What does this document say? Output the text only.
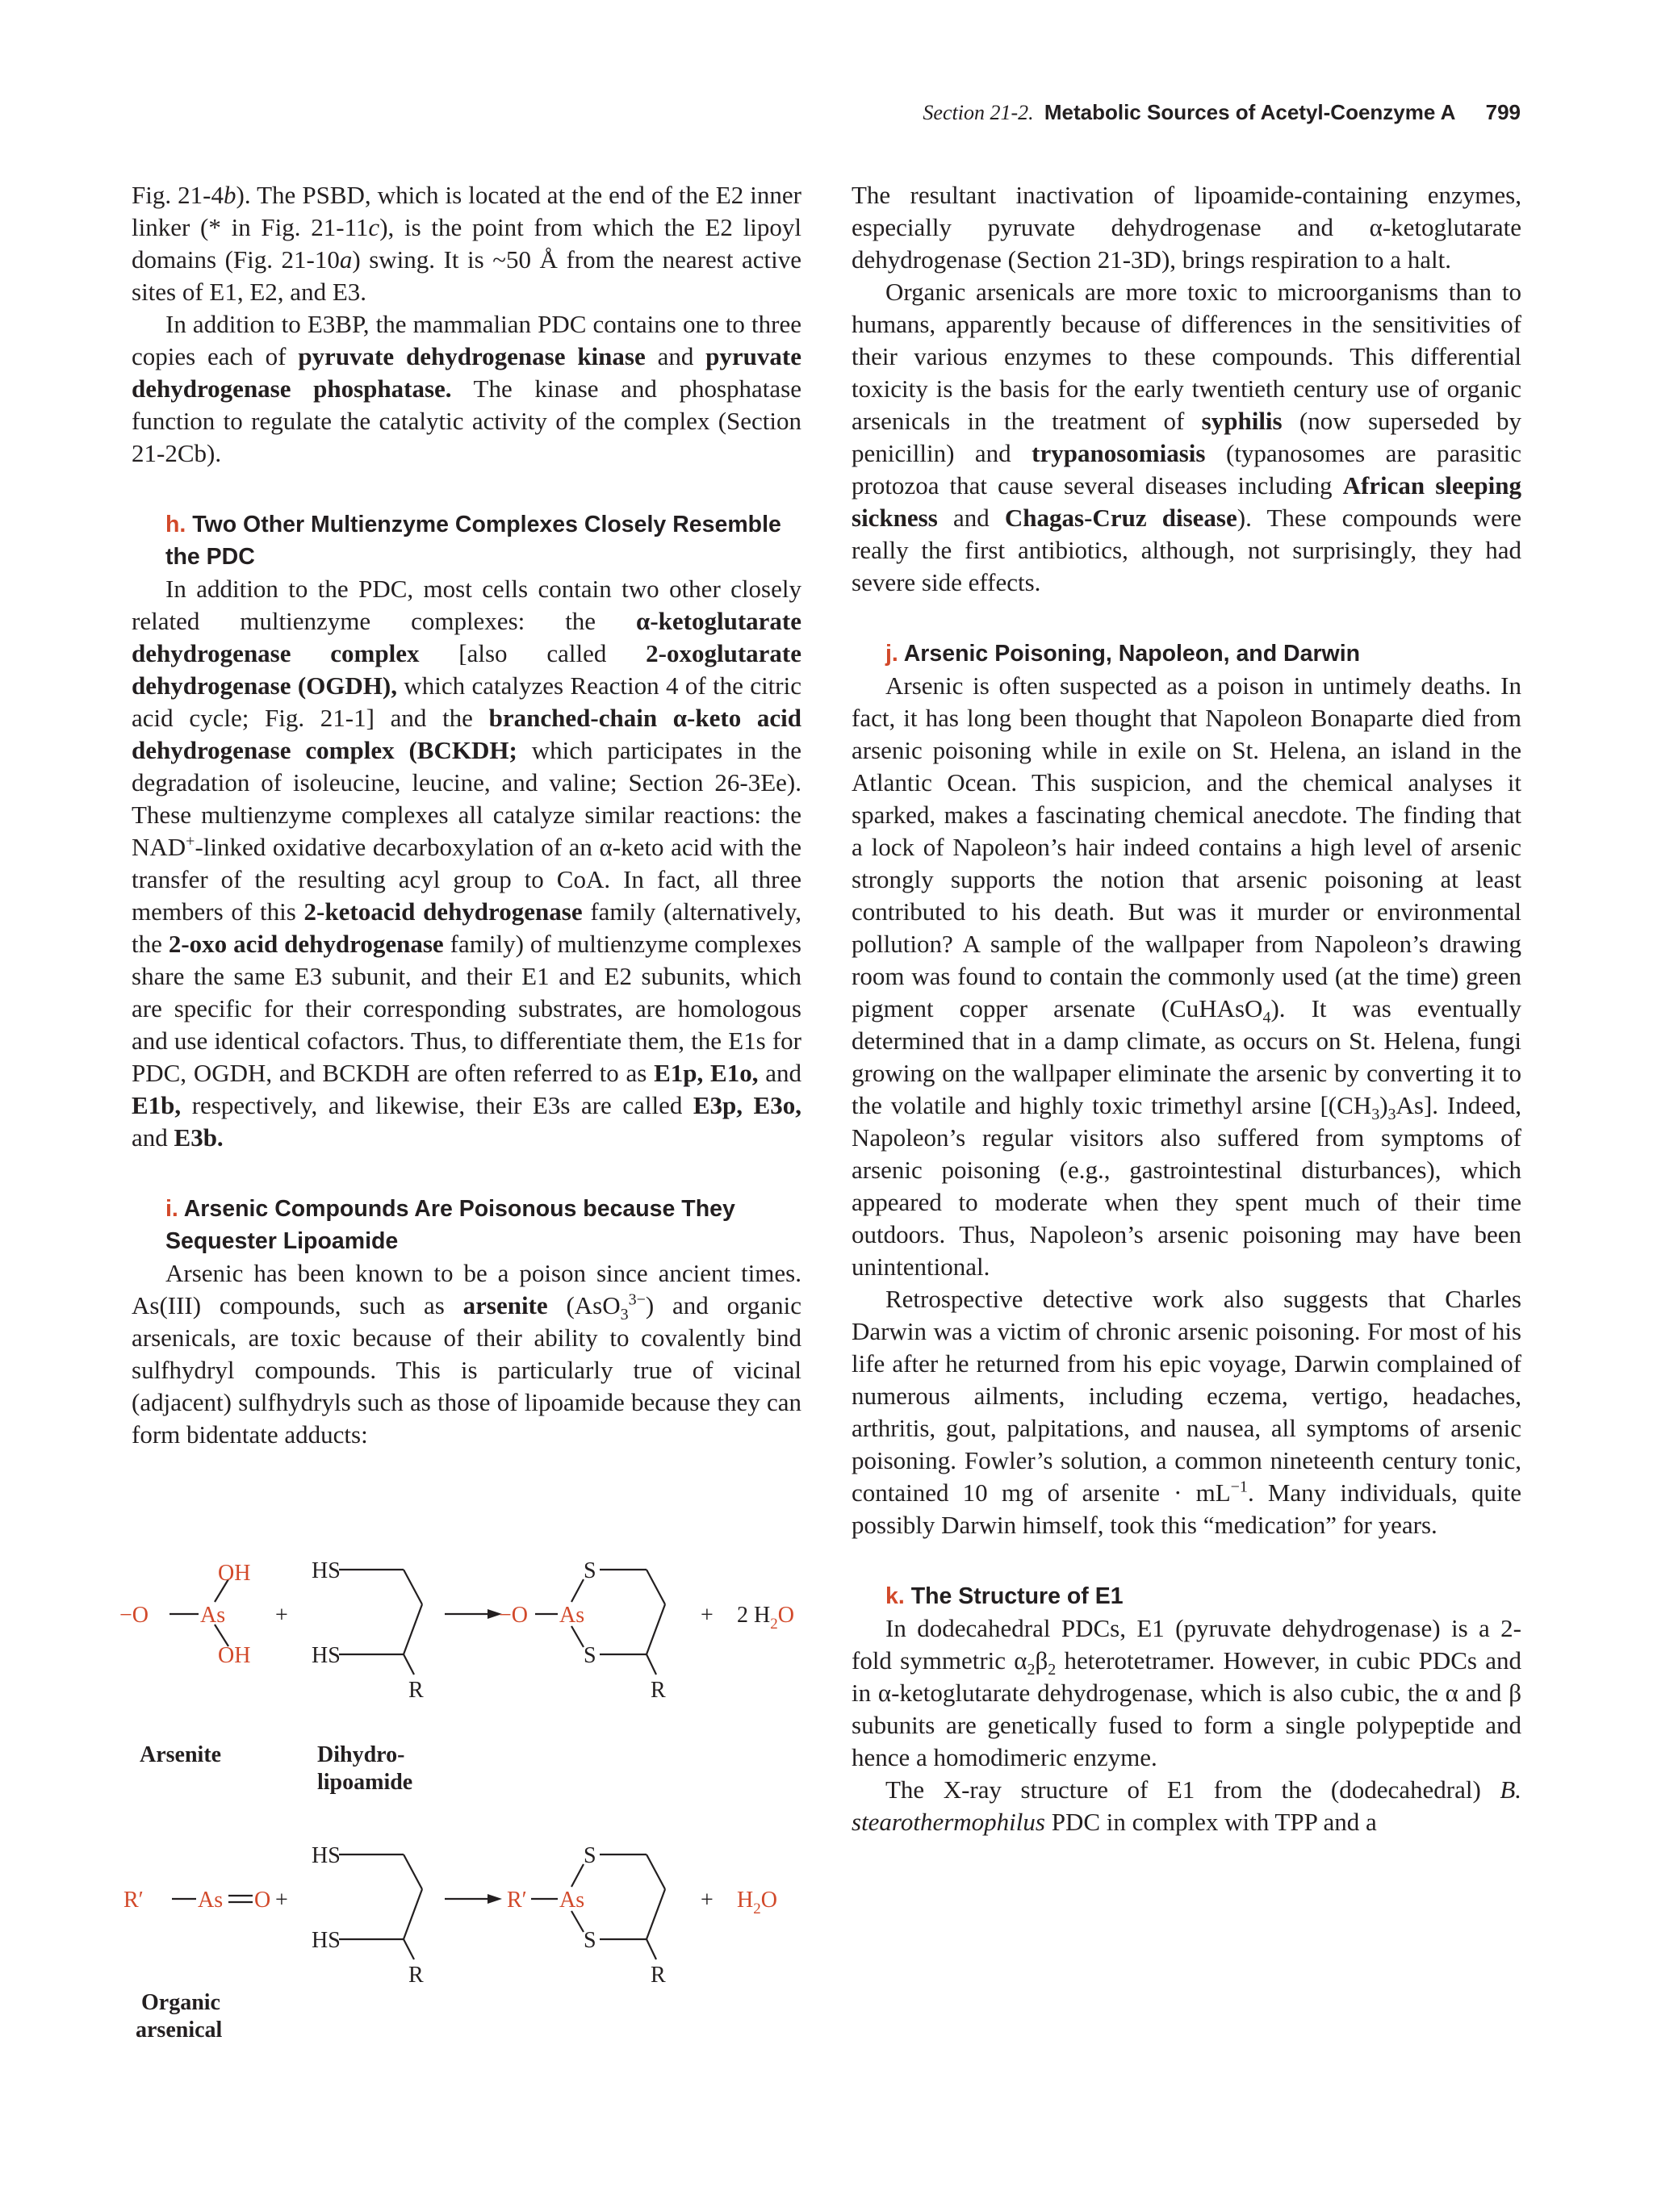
Section 21-2. Metabolic Sources of Acetyl-Coenzyme A 799

Fig. 21-4b). The PSBD, which is located at the end of the E2 inner linker (* in Fig. 21-11c), is the point from which the E2 lipoyl domains (Fig. 21-10a) swing. It is ~50 Å from the nearest active sites of E1, E2, and E3.

In addition to E3BP, the mammalian PDC contains one to three copies each of pyruvate dehydrogenase kinase and pyruvate dehydrogenase phosphatase. The kinase and phosphatase function to regulate the catalytic activity of the complex (Section 21-2Cb).

h. Two Other Multienzyme Complexes Closely Resemble the PDC

In addition to the PDC, most cells contain two other closely related multienzyme complexes: the α-ketoglutarate dehydrogenase complex [also called 2-oxoglutarate dehydrogenase (OGDH), which catalyzes Reaction 4 of the citric acid cycle; Fig. 21-1] and the branched-chain α-keto acid dehydrogenase complex (BCKDH; which participates in the degradation of isoleucine, leucine, and valine; Section 26-3Ee). These multienzyme complexes all catalyze similar reactions: the NAD+-linked oxidative decarboxylation of an α-keto acid with the transfer of the resulting acyl group to CoA. In fact, all three members of this 2-ketoacid dehydrogenase family (alternatively, the 2-oxo acid dehydrogenase family) of multienzyme complexes share the same E3 subunit, and their E1 and E2 subunits, which are specific for their corresponding substrates, are homologous and use identical cofactors. Thus, to differentiate them, the E1s for PDC, OGDH, and BCKDH are often referred to as E1p, E1o, and E1b, respectively, and likewise, their E3s are called E3p, E3o, and E3b.

i. Arsenic Compounds Are Poisonous because They Sequester Lipoamide

Arsenic has been known to be a poison since ancient times. As(III) compounds, such as arsenite (AsO$_3^{3-}$) and organic arsenicals, are toxic because of their ability to covalently bind sulfhydryl compounds. This is particularly true of vicinal (adjacent) sulfhydryls such as those of lipoamide because they can form bidentate adducts:

The resultant inactivation of lipoamide-containing enzymes, especially pyruvate dehydrogenase and α-ketoglutarate dehydrogenase (Section 21-3D), brings respiration to a halt.

Organic arsenicals are more toxic to microorganisms than to humans, apparently because of differences in the sensitivities of their various enzymes to these compounds. This differential toxicity is the basis for the early twentieth century use of organic arsenicals in the treatment of syphilis (now superseded by penicillin) and trypanosomiasis (typanosomes are parasitic protozoa that cause several diseases including African sleeping sickness and Chagas-Cruz disease). These compounds were really the first antibiotics, although, not surprisingly, they had severe side effects.

j. Arsenic Poisoning, Napoleon, and Darwin

Arsenic is often suspected as a poison in untimely deaths. In fact, it has long been thought that Napoleon Bonaparte died from arsenic poisoning while in exile on St. Helena, an island in the Atlantic Ocean. This suspicion, and the chemical analyses it sparked, makes a fascinating chemical anecdote. The finding that a lock of Napoleon’s hair indeed contains a high level of arsenic strongly supports the notion that arsenic poisoning at least contributed to his death. But was it murder or environmental pollution? A sample of the wallpaper from Napoleon’s drawing room was found to contain the commonly used (at the time) green pigment copper arsenate (CuHAsO$_4$). It was eventually determined that in a damp climate, as occurs on St. Helena, fungi growing on the wallpaper eliminate the arsenic by converting it to the volatile and highly toxic trimethyl arsine $[(CH_3)_3As]$. Indeed, Napoleon’s regular visitors also suffered from symptoms of arsenic poisoning (e.g., gastrointestinal disturbances), which appeared to moderate when they spent much of their time outdoors. Thus, Napoleon’s arsenic poisoning may have been unintentional.

Retrospective detective work also suggests that Charles Darwin was a victim of chronic arsenic poisoning. For most of his life after he returned from his epic voyage, Darwin complained of numerous ailments, including eczema, vertigo, headaches, arthritis, gout, palpitations, and nausea, all symptoms of arsenic poisoning. Fowler’s solution, a common nineteenth century tonic, contained 10 mg of arsenite · $mL^{-1}$. Many individuals, quite possibly Darwin himself, took this “medication” for years.

k. The Structure of E1

In dodecahedral PDCs, E1 (pyruvate dehydrogenase) is a 2-fold symmetric $\alpha_2\beta_2$ heterotetramer. However, in cubic PDCs and in α-ketoglutarate dehydrogenase, which is also cubic, the α and β subunits are genetically fused to form a single polypeptide and hence a homodimeric enzyme.

The X-ray structure of E1 from the (dodecahedral) B. stearothermophilus PDC in complex with TPP and a

OH
−O As
OH
+
HS
HS
R
−O As
S
S
R
+ 2 $H_2O$
Arsenite	Dihydro-
lipoamide
R′ As O +
HS
HS
R
R′ As
S
S
R
+ $H_2O$
Organic
arsenical
